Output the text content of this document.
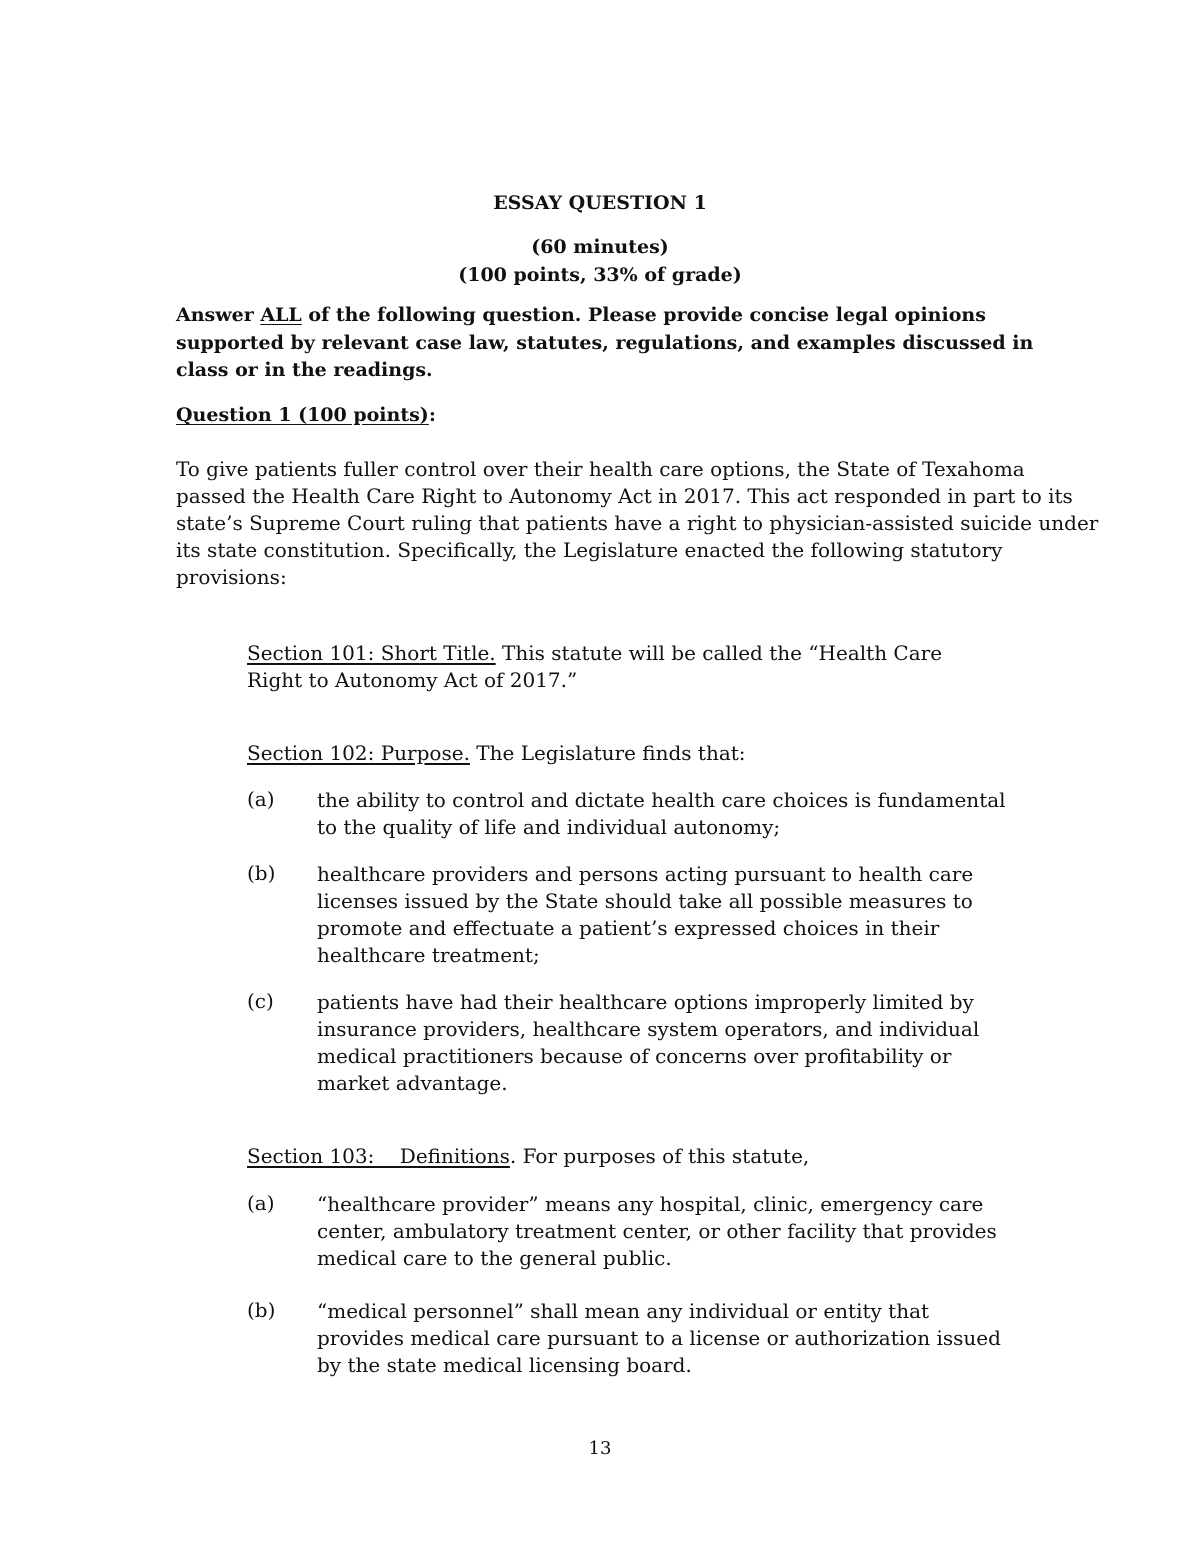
ESSAY QUESTION 1
(60 minutes)
(100 points, 33% of grade)
Answer ALL of the following question. Please provide concise legal opinions
supported by relevant case law, statutes, regulations, and examples discussed in
class or in the readings.
Question 1 (100 points):
To give patients fuller control over their health care options, the State of Texahoma
passed the Health Care Right to Autonomy Act in 2017. This act responded in part to its
state’s Supreme Court ruling that patients have a right to physician-assisted suicide under
its state constitution. Specifically, the Legislature enacted the following statutory
provisions:
Section 101: Short Title. This statute will be called the “Health Care
Right to Autonomy Act of 2017.”
Section 102: Purpose. The Legislature finds that:
(a) the ability to control and dictate health care choices is fundamental
to the quality of life and individual autonomy;
(b) healthcare providers and persons acting pursuant to health care
licenses issued by the State should take all possible measures to
promote and effectuate a patient’s expressed choices in their
healthcare treatment;
(c) patients have had their healthcare options improperly limited by
insurance providers, healthcare system operators, and individual
medical practitioners because of concerns over profitability or
market advantage.
Section 103:    Definitions. For purposes of this statute,
(a) “healthcare provider” means any hospital, clinic, emergency care
center, ambulatory treatment center, or other facility that provides
medical care to the general public.
(b) “medical personnel” shall mean any individual or entity that
provides medical care pursuant to a license or authorization issued
by the state medical licensing board.
13
